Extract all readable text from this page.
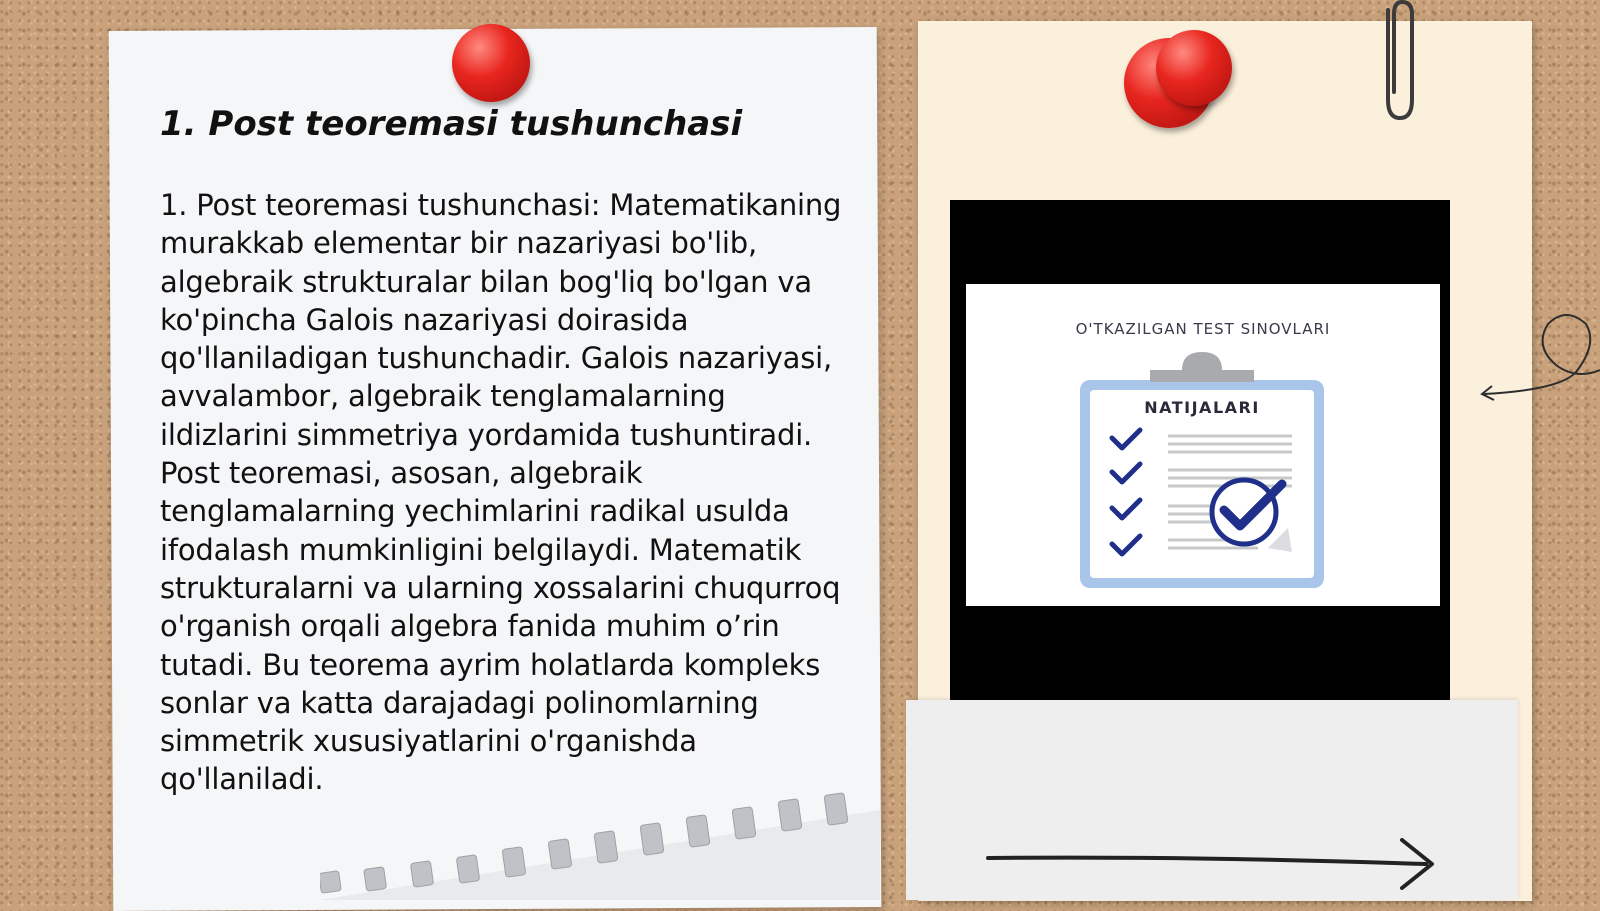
1. Post teoremasi tushunchasi

1. Post teoremasi tushunchasi: Matematikaning murakkab elementar bir nazariyasi bo'lib, algebraik strukturalar bilan bog'liq bo'lgan va ko'pincha Galois nazariyasi doirasida qo'llaniladigan tushunchadir. Galois nazariyasi, avvalambor, algebraik tenglamalarning ildizlarini simmetriya yordamida tushuntiradi. Post teoremasi, asosan, algebraik tenglamalarning yechimlarini radikal usulda ifodalash mumkinligini belgilaydi. Matematik strukturalarni va ularning xossalarini chuqurroq o'rganish orqali algebra fanida muhim o’rin tutadi. Bu teorema ayrim holatlarda kompleks sonlar va katta darajadagi polinomlarning simmetrik xususiyatlarini o'rganishda qo'llaniladi.

O'TKAZILGAN TEST SINOVLARI
NATIJALARI
